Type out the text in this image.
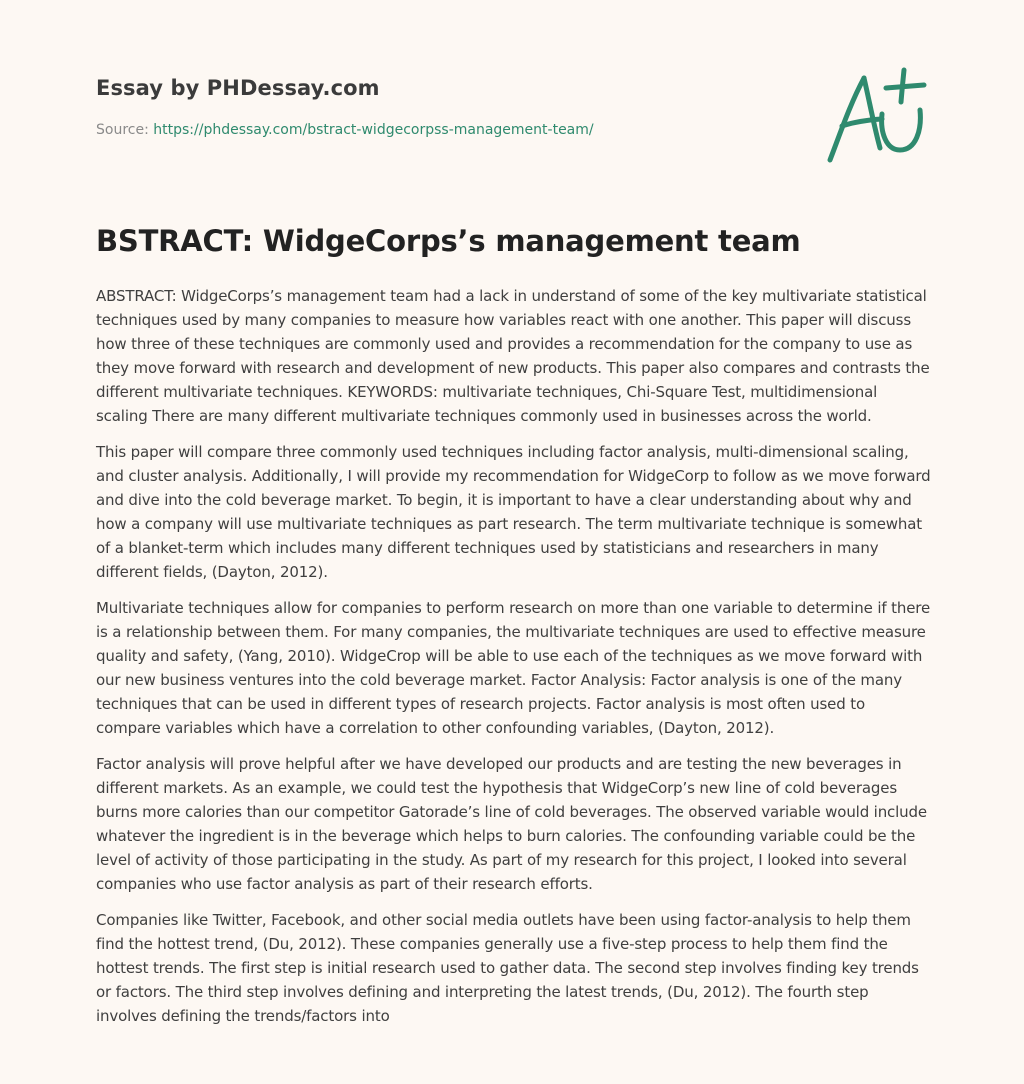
Essay by PHDessay.com
Source: https://phdessay.com/bstract-widgecorpss-management-team/
BSTRACT: WidgeCorps’s management team

ABSTRACT: WidgeCorps’s management team had a lack in understand of some of the key multivariate statistical techniques used by many companies to measure how variables react with one another. This paper will discuss how three of these techniques are commonly used and provides a recommendation for the company to use as they move forward with research and development of new products. This paper also compares and contrasts the different multivariate techniques. KEYWORDS: multivariate techniques, Chi-Square Test, multidimensional scaling There are many different multivariate techniques commonly used in businesses across the world.

This paper will compare three commonly used techniques including factor analysis, multi-dimensional scaling, and cluster analysis. Additionally, I will provide my recommendation for WidgeCorp to follow as we move forward and dive into the cold beverage market. To begin, it is important to have a clear understanding about why and how a company will use multivariate techniques as part research. The term multivariate technique is somewhat of a blanket-term which includes many different techniques used by statisticians and researchers in many different fields, (Dayton, 2012).

Multivariate techniques allow for companies to perform research on more than one variable to determine if there is a relationship between them. For many companies, the multivariate techniques are used to effective measure quality and safety, (Yang, 2010). WidgeCrop will be able to use each of the techniques as we move forward with our new business ventures into the cold beverage market. Factor Analysis: Factor analysis is one of the many techniques that can be used in different types of research projects. Factor analysis is most often used to compare variables which have a correlation to other confounding variables, (Dayton, 2012).

Factor analysis will prove helpful after we have developed our products and are testing the new beverages in different markets. As an example, we could test the hypothesis that WidgeCorp’s new line of cold beverages burns more calories than our competitor Gatorade’s line of cold beverages. The observed variable would include whatever the ingredient is in the beverage which helps to burn calories. The confounding variable could be the level of activity of those participating in the study. As part of my research for this project, I looked into several companies who use factor analysis as part of their research efforts.

Companies like Twitter, Facebook, and other social media outlets have been using factor-analysis to help them find the hottest trend, (Du, 2012). These companies generally use a five-step process to help them find the hottest trends. The first step is initial research used to gather data. The second step involves finding key trends or factors. The third step involves defining and interpreting the latest trends, (Du, 2012). The fourth step involves defining the trends/factors into
